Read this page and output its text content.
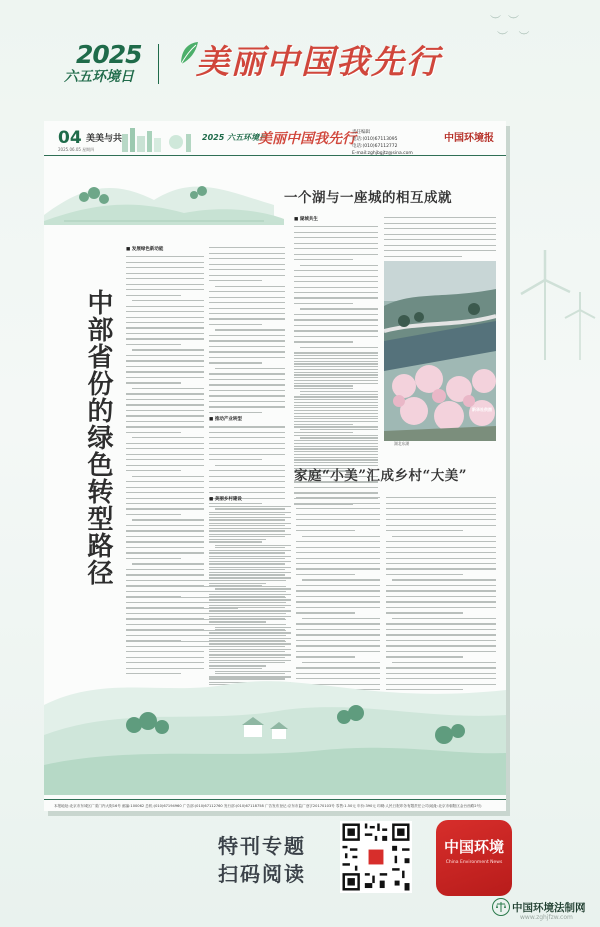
2025
六五环境日 美丽中国我先行
︶  ︶
︶   ︶
04 美美与共
2025.06.05 星期四
2025 六五环境日
美丽中国我先行
责任编辑
电话:(010)67113095
电话:(010)67112772
E-mail:zghjbgjtz@sina.com
中国环境报
中部省份的绿色转型路径
■ 发展绿色新动能
■ 推动产业转型
一个湖与一座城的相互成就
■ 湖城共生
新华社供图
湖北东湖
家庭“小美”汇成乡村“大美”
■ 美丽乡村建设
本报地址:北京市东城区广渠门内大街16号 邮编:100062 总机:(010)67194960 广告部:(010)67112760 发行部:(010)67118758 广告发布登记:京东市监广登字20170103号 零售:1.50元 年价:390元 印刷:人民日报印务有限责任公司(地址:北京市朝阳区金台西路2号)
特刊专题
扫码阅读
中国环境
China Environment News
中国环境法制网
www.zghjfzw.com
